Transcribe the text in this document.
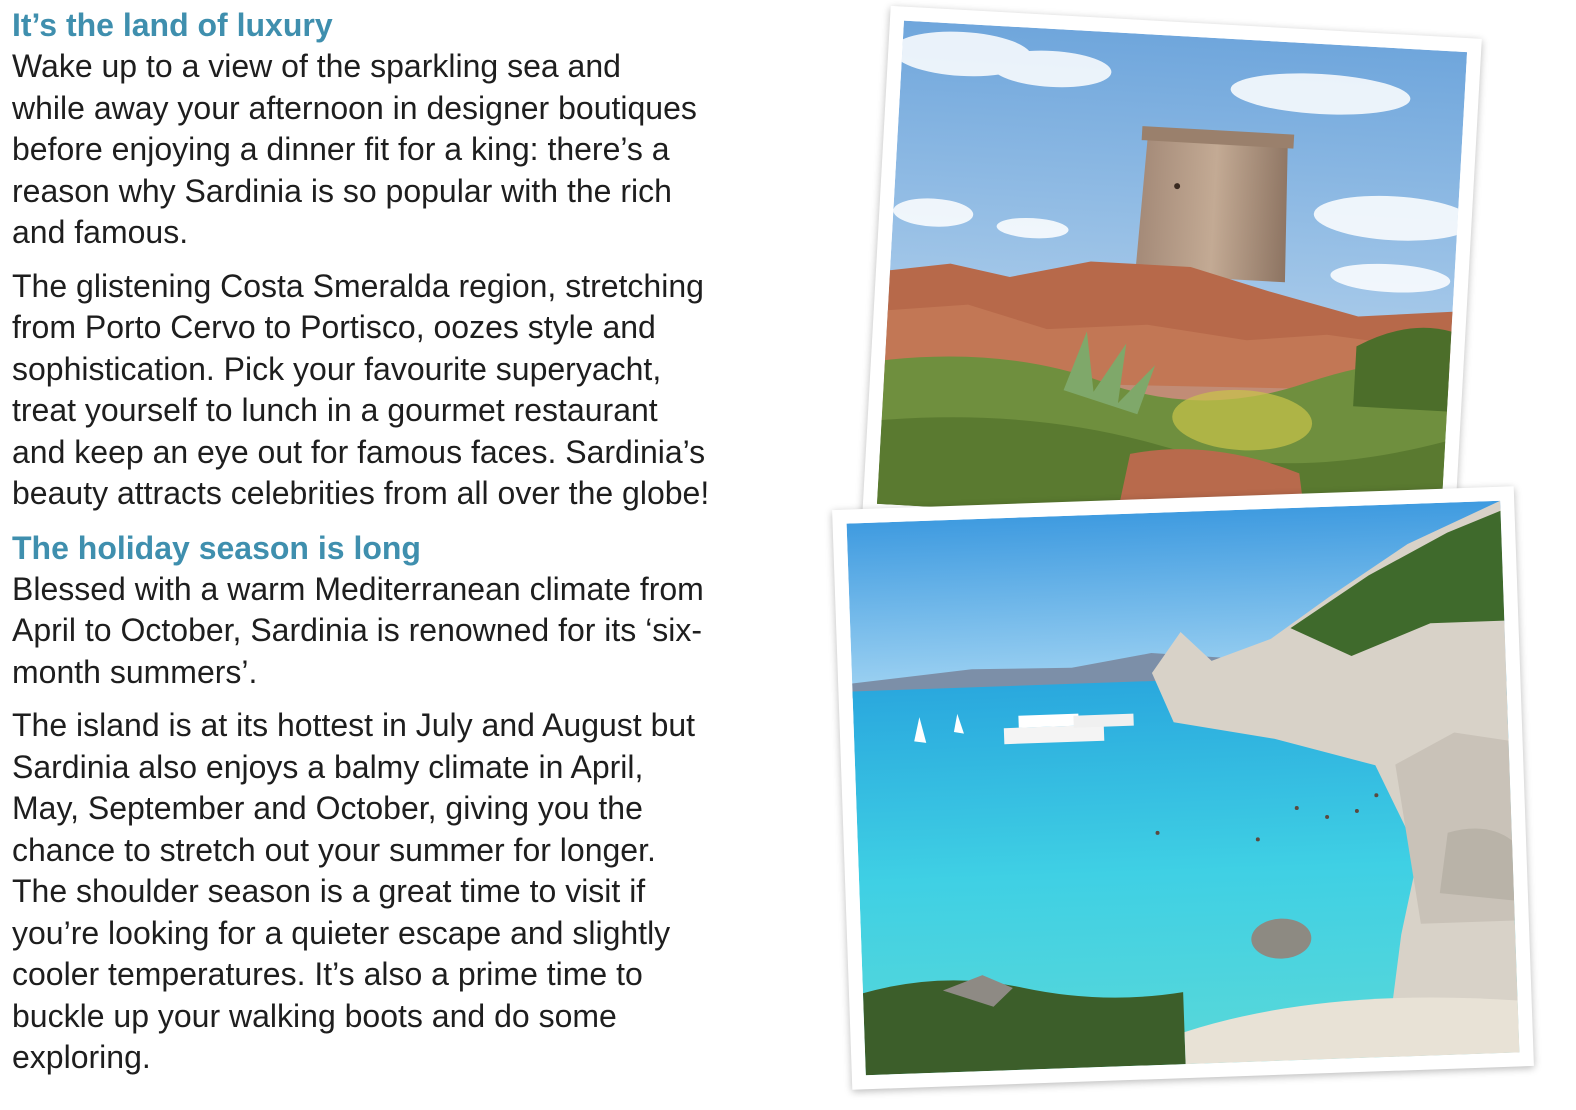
It’s the land of luxury

Wake up to a view of the sparkling sea and
while away your afternoon in designer boutiques
before enjoying a dinner fit for a king: there’s a
reason why Sardinia is so popular with the rich
and famous.

The glistening Costa Smeralda region, stretching
from Porto Cervo to Portisco, oozes style and
sophistication. Pick your favourite superyacht,
treat yourself to lunch in a gourmet restaurant
and keep an eye out for famous faces. Sardinia’s
beauty attracts celebrities from all over the globe!

The holiday season is long

Blessed with a warm Mediterranean climate from
April to October, Sardinia is renowned for its ‘six-
month summers’.

The island is at its hottest in July and August but
Sardinia also enjoys a balmy climate in April,
May, September and October, giving you the
chance to stretch out your summer for longer.
The shoulder season is a great time to visit if
you’re looking for a quieter escape and slightly
cooler temperatures. It’s also a prime time to
buckle up your walking boots and do some
exploring.
